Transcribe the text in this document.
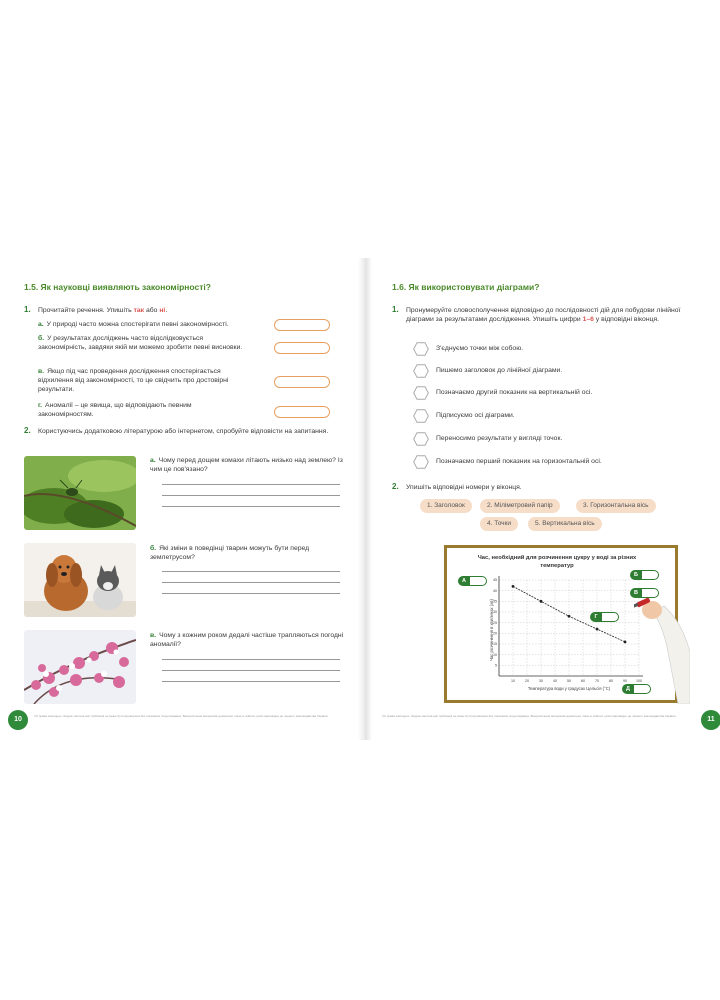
1.5. Як науковці виявляють закономірності?
1. Прочитайте речення. Упишіть так або ні.
а. У природі часто можна спостерігати певні закономірності.
б. У результатах досліджень часто відслідковується закономірність, завдяки якій ми можемо зробити певні висновки.
в. Якщо під час проведення дослідження спостерігається відхилення від закономірності, то це свідчить про достовірні результати.
г. Аномалії – це явища, що відповідають певним закономірностям.
2. Користуючись додатковою літературою або інтернетом, спробуйте відповісти на запитання.
а. Чому перед дощем комахи літають низько над землею? Із чим це пов'язано?
б. Які зміни в поведінці тварин можуть бути перед землетрусом?
в. Чому з кожним роком дедалі частіше трапляються погодні аномалії?
10	Усі права захищено. Жодна частина цієї публікації не може бути відтворена без письмової згоди видавця. Використання матеріалів дозволено лише в освітніх цілях відповідно до чинного законодавства України.
1.6. Як використовувати діаграми?
1. Пронумеруйте словосполучення відповідно до послідовності дій для побудови лінійної діаграми за результатами дослідження. Упишіть цифри 1–6 у відповідні віконця.
З'єднуємо точки між собою.
Пишемо заголовок до лінійної діаграми.
Позначаємо другий показник на вертикальній осі.
Підписуємо осі діаграми.
Переносимо результати у вигляді точок.
Позначаємо перший показник на горизонтальній осі.
2. Упишіть відповідні номери у віконця.
1. Заголовок	2. Міліметровий папір	3. Горизонтальна вісь
4. Точки	5. Вертикальна вісь
Час, необхідний для розчинення цукру у воді за різних температур
10	20	30	40	50	60	70	80	90	100
5
10
15
20
25
30
35
40
45
Час розчинення в хвилинах (хв)
Температура води у градусах Цельсія (°С)
А
Б
В
Г
Д
11
Усі права захищено. Жодна частина цієї публікації не може бути відтворена без письмової згоди видавця. Використання матеріалів дозволено лише в освітніх цілях відповідно до чинного законодавства України.
